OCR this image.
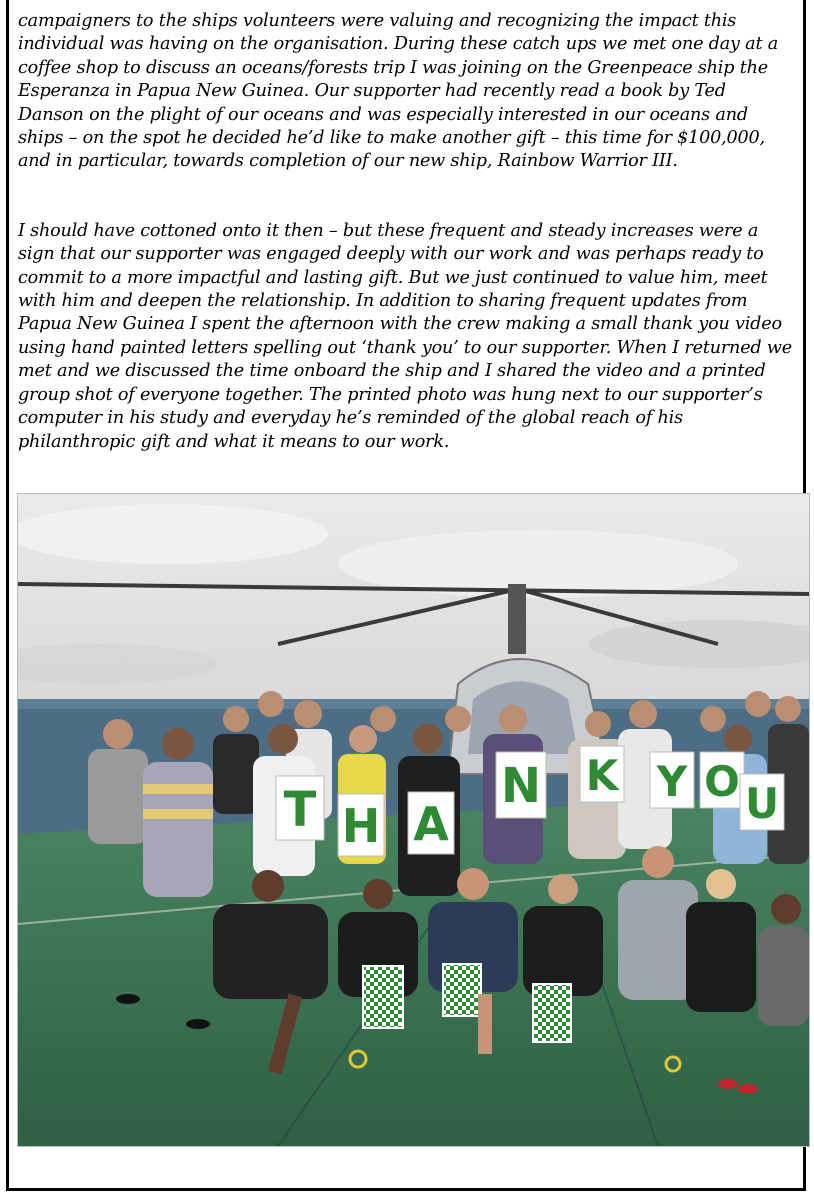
campaigners to the ships volunteers were valuing and recognizing the impact this individual was having on the organisation. During these catch ups we met one day at a coffee shop to discuss an oceans/forests trip I was joining on the Greenpeace ship the Esperanza in Papua New Guinea. Our supporter had recently read a book by Ted Danson on the plight of our oceans and was especially interested in our oceans and ships – on the spot he decided he’d like to make another gift – this time for $100,000, and in particular, towards completion of our new ship, Rainbow Warrior III.

I should have cottoned onto it then – but these frequent and steady increases were a sign that our supporter was engaged deeply with our work and was perhaps ready to commit to a more impactful and lasting gift. But we just continued to value him, meet with him and deepen the relationship. In addition to sharing frequent updates from Papua New Guinea I spent the afternoon with the crew making a small thank you video using hand painted letters spelling out ‘thank you’ to our supporter. When I returned we met and we discussed the time onboard the ship and I shared the video and a printed group shot of everyone together. The printed photo was hung next to our supporter’s computer in his study and everyday he’s reminded of the global reach of his philanthropic gift and what it means to our work.

T H A
N K Y O U
